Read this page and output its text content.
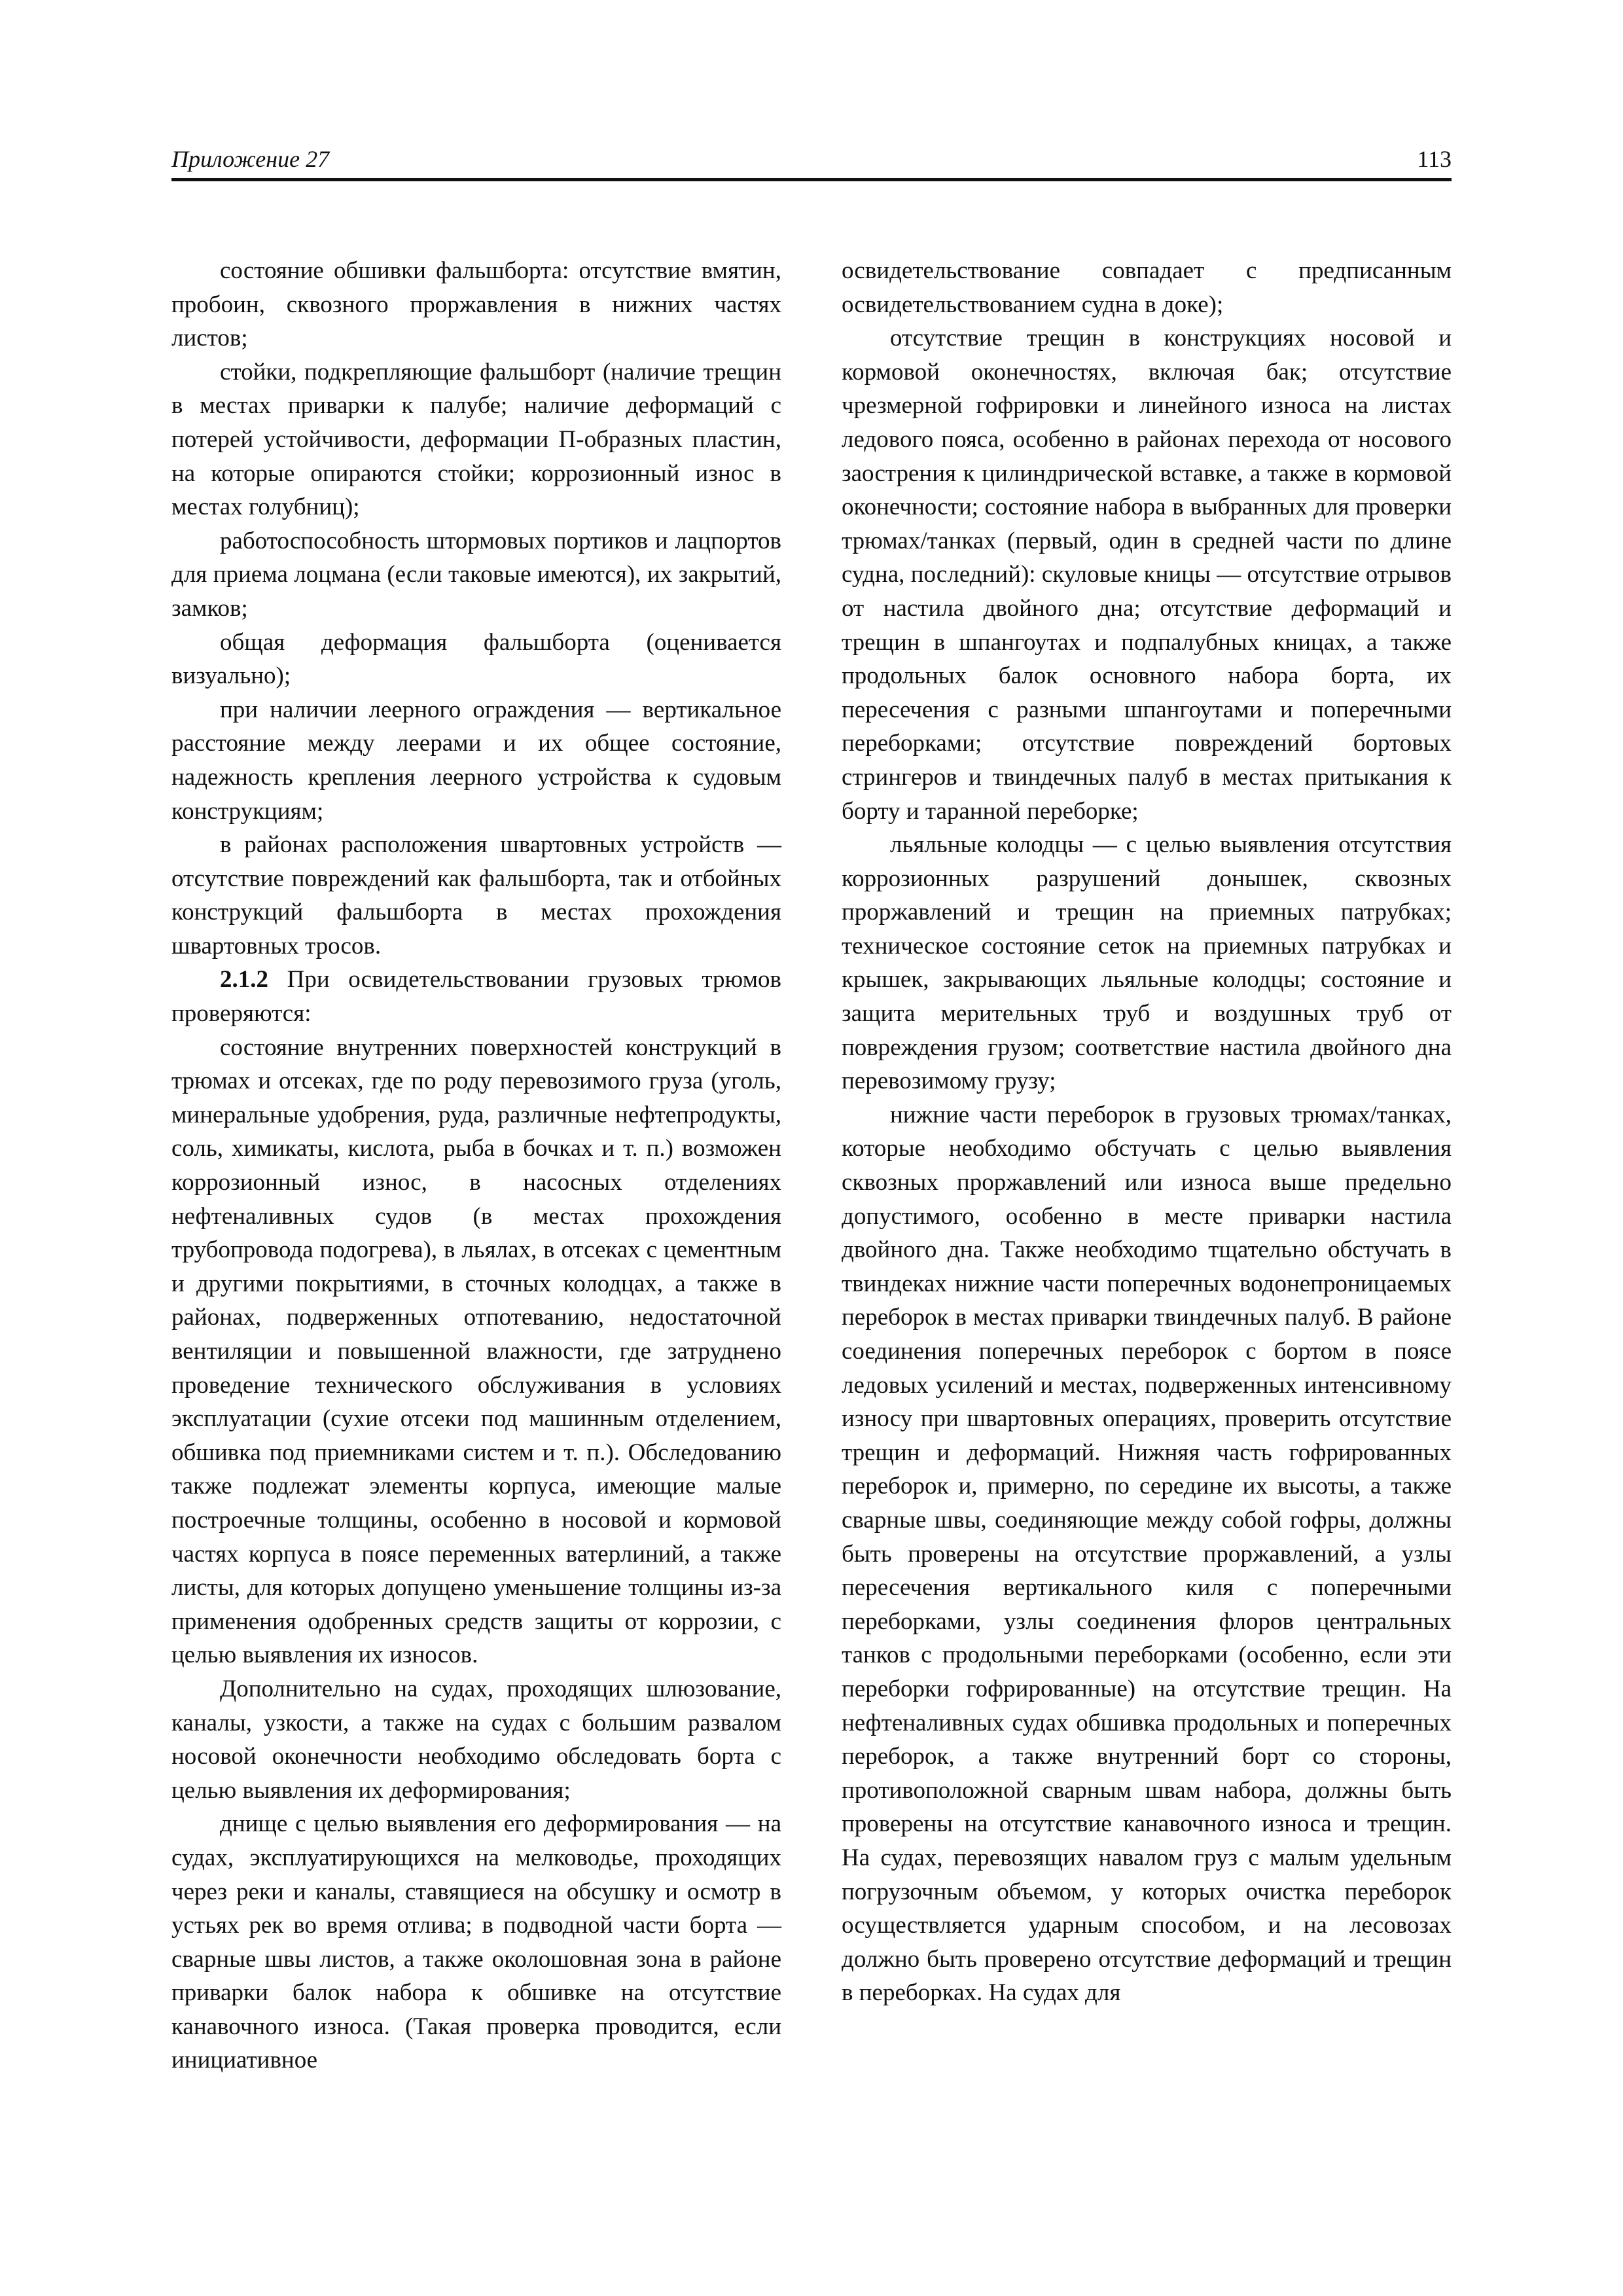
Приложение 27	113

состояние обшивки фальшборта: отсутствие вмятин, пробоин, сквозного проржавления в нижних частях листов;

стойки, подкрепляющие фальшборт (наличие трещин в местах приварки к палубе; наличие деформаций с потерей устойчивости, деформации П-образных пластин, на которые опираются стойки; коррозионный износ в местах голубниц);

работоспособность штормовых портиков и лацпортов для приема лоцмана (если таковые имеются), их закрытий, замков;

общая деформация фальшборта (оценивается визуально);

при наличии леерного ограждения — вертикальное расстояние между леерами и их общее состояние, надежность крепления леерного устройства к судовым конструкциям;

в районах расположения швартовных устройств — отсутствие повреждений как фальшборта, так и отбойных конструкций фальшборта в местах прохождения швартовных тросов.

2.1.2 При освидетельствовании грузовых трюмов проверяются:

состояние внутренних поверхностей конструкций в трюмах и отсеках, где по роду перевозимого груза (уголь, минеральные удобрения, руда, различные нефтепродукты, соль, химикаты, кислота, рыба в бочках и т. п.) возможен коррозионный износ, в насосных отделениях нефтеналивных судов (в местах прохождения трубопровода подогрева), в льялах, в отсеках с цементным и другими покрытиями, в сточных колодцах, а также в районах, подверженных отпотеванию, недостаточной вентиляции и повышенной влажности, где затруднено проведение технического обслуживания в условиях эксплуатации (сухие отсеки под машинным отделением, обшивка под приемниками систем и т. п.). Обследованию также подлежат элементы корпуса, имеющие малые построечные толщины, особенно в носовой и кормовой частях корпуса в поясе переменных ватерлиний, а также листы, для которых допущено уменьшение толщины из-за применения одобренных средств защиты от коррозии, с целью выявления их износов.

Дополнительно на судах, проходящих шлюзование, каналы, узкости, а также на судах с большим развалом носовой оконечности необходимо обследовать борта с целью выявления их деформирования;

днище с целью выявления его деформирования — на судах, эксплуатирующихся на мелководье, проходящих через реки и каналы, ставящиеся на обсушку и осмотр в устьях рек во время отлива; в подводной части борта — сварные швы листов, а также околошовная зона в районе приварки балок набора к обшивке на отсутствие канавочного износа. (Такая проверка проводится, если инициативное

освидетельствование совпадает с предписанным освидетельствованием судна в доке);

отсутствие трещин в конструкциях носовой и кормовой оконечностях, включая бак; отсутствие чрезмерной гофрировки и линейного износа на листах ледового пояса, особенно в районах перехода от носового заострения к цилиндрической вставке, а также в кормовой оконечности; состояние набора в выбранных для проверки трюмах/танках (первый, один в средней части по длине судна, последний): скуловые кницы — отсутствие отрывов от настила двойного дна; отсутствие деформаций и трещин в шпангоутах и подпалубных кницах, а также продольных балок основного набора борта, их пересечения с разными шпангоутами и поперечными переборками; отсутствие повреждений бортовых стрингеров и твиндечных палуб в местах притыкания к борту и таранной переборке;

льяльные колодцы — с целью выявления отсутствия коррозионных разрушений донышек, сквозных проржавлений и трещин на приемных патрубках; техническое состояние сеток на приемных патрубках и крышек, закрывающих льяльные колодцы; состояние и защита мерительных труб и воздушных труб от повреждения грузом; соответствие настила двойного дна перевозимому грузу;

нижние части переборок в грузовых трюмах/танках, которые необходимо обстучать с целью выявления сквозных проржавлений или износа выше предельно допустимого, особенно в месте приварки настила двойного дна. Также необходимо тщательно обстучать в твиндеках нижние части поперечных водонепроницаемых переборок в местах приварки твиндечных палуб. В районе соединения поперечных переборок с бортом в поясе ледовых усилений и местах, подверженных интенсивному износу при швартовных операциях, проверить отсутствие трещин и деформаций. Нижняя часть гофрированных переборок и, примерно, по середине их высоты, а также сварные швы, соединяющие между собой гофры, должны быть проверены на отсутствие проржавлений, а узлы пересечения вертикального киля с поперечными переборками, узлы соединения флоров центральных танков с продольными переборками (особенно, если эти переборки гофрированные) на отсутствие трещин. На нефтеналивных судах обшивка продольных и поперечных переборок, а также внутренний борт со стороны, противоположной сварным швам набора, должны быть проверены на отсутствие канавочного износа и трещин. На судах, перевозящих навалом груз с малым удельным погрузочным объемом, у которых очистка переборок осуществляется ударным способом, и на лесовозах должно быть проверено отсутствие деформаций и трещин в переборках. На судах для
